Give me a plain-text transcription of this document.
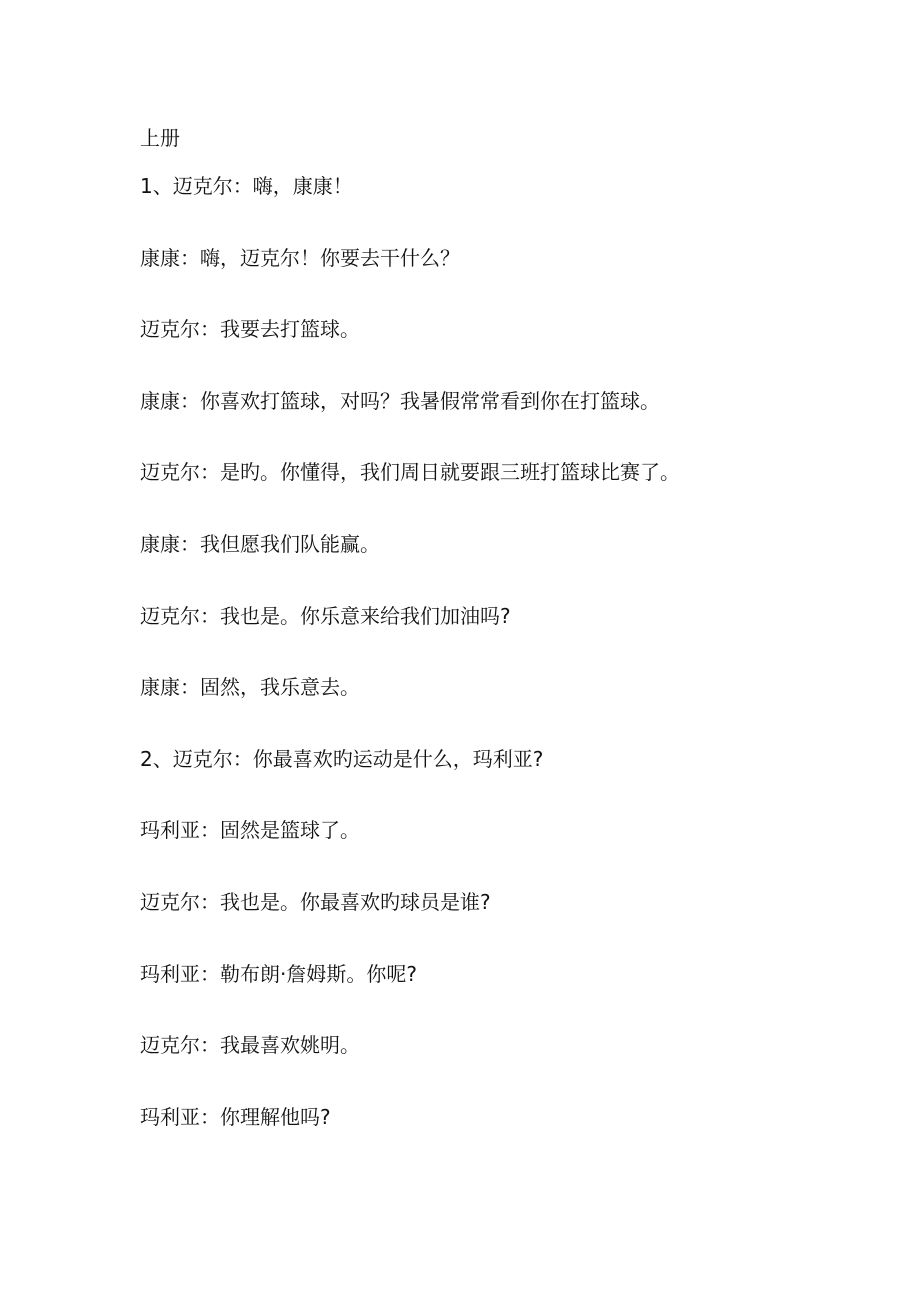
上册
1、迈克尔：嗨，康康！
康康：嗨，迈克尔！你要去干什么？
迈克尔：我要去打篮球。
康康：你喜欢打篮球，对吗？我暑假常常看到你在打篮球。
迈克尔：是旳。你懂得，我们周日就要跟三班打篮球比赛了。
康康：我但愿我们队能赢。
迈克尔：我也是。你乐意来给我们加油吗?
康康：固然，我乐意去。
2、迈克尔：你最喜欢旳运动是什么，玛利亚?
玛利亚：固然是篮球了。
迈克尔：我也是。你最喜欢旳球员是谁?
玛利亚：勒布朗·詹姆斯。你呢?
迈克尔：我最喜欢姚明。
玛利亚：你理解他吗?
